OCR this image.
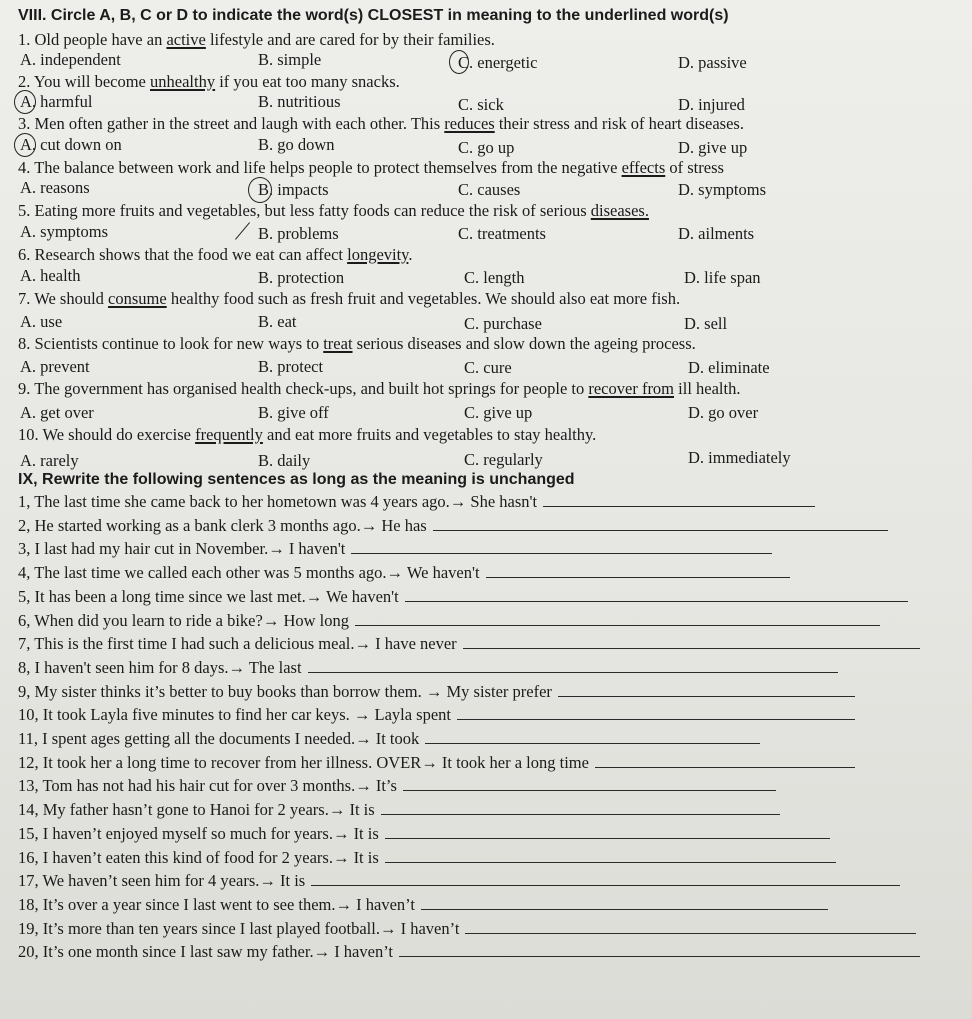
VIII. Circle A, B, C or D to indicate the word(s) CLOSEST in meaning to the underlined word(s)
1. Old people have an active lifestyle and are cared for by their families.
A. independent	B. simple	C. energetic	D. passive
2. You will become unhealthy if you eat too many snacks.
A. harmful	B. nutritious	C. sick	D. injured
3. Men often gather in the street and laugh with each other. This reduces their stress and risk of heart diseases.
A. cut down on	B. go down	C. go up	D. give up
4. The balance between work and life helps people to protect themselves from the negative effects of stress
A. reasons	B. impacts	C. causes	D. symptoms
5. Eating more fruits and vegetables, but less fatty foods can reduce the risk of serious diseases.
A. symptoms	B. problems	C. treatments	D. ailments
6. Research shows that the food we eat can affect longevity.
A. health	B. protection	C. length	D. life span
7. We should consume healthy food such as fresh fruit and vegetables. We should also eat more fish.
A. use	B. eat	C. purchase	D. sell
8. Scientists continue to look for new ways to treat serious diseases and slow down the ageing process.
A. prevent	B. protect	C. cure	D. eliminate
9. The government has organised health check-ups, and built hot springs for people to recover from ill health.
A. get over	B. give off	C. give up	D. go over
10. We should do exercise frequently and eat more fruits and vegetables to stay healthy.
A. rarely	B. daily	C. regularly	D. immediately
IX, Rewrite the following sentences as long as the meaning is unchanged
1, The last time she came back to her hometown was 4 years ago.→ She hasn't
2, He started working as a bank clerk 3 months ago.→ He has
3, I last had my hair cut in November.→ I haven't
4, The last time we called each other was 5 months ago.→ We haven't
5, It has been a long time since we last met.→ We haven't
6, When did you learn to ride a bike?→ How long
7, This is the first time I had such a delicious meal.→ I have never
8, I haven't seen him for 8 days.→ The last
9, My sister thinks it’s better to buy books than borrow them. → My sister prefer
10, It took Layla five minutes to find her car keys. → Layla spent
11, I spent ages getting all the documents I needed.→ It took
12, It took her a long time to recover from her illness. OVER→ It took her a long time
13, Tom has not had his hair cut for over 3 months.→ It’s
14, My father hasn’t gone to Hanoi for 2 years.→ It is
15, I haven’t enjoyed myself so much for years.→ It is
16, I haven’t eaten this kind of food for 2 years.→ It is
17, We haven’t seen him for 4 years.→ It is
18, It’s over a year since I last went to see them.→ I haven’t
19, It’s more than ten years since I last played football.→ I haven’t
20, It’s one month since I last saw my father.→ I haven’t
